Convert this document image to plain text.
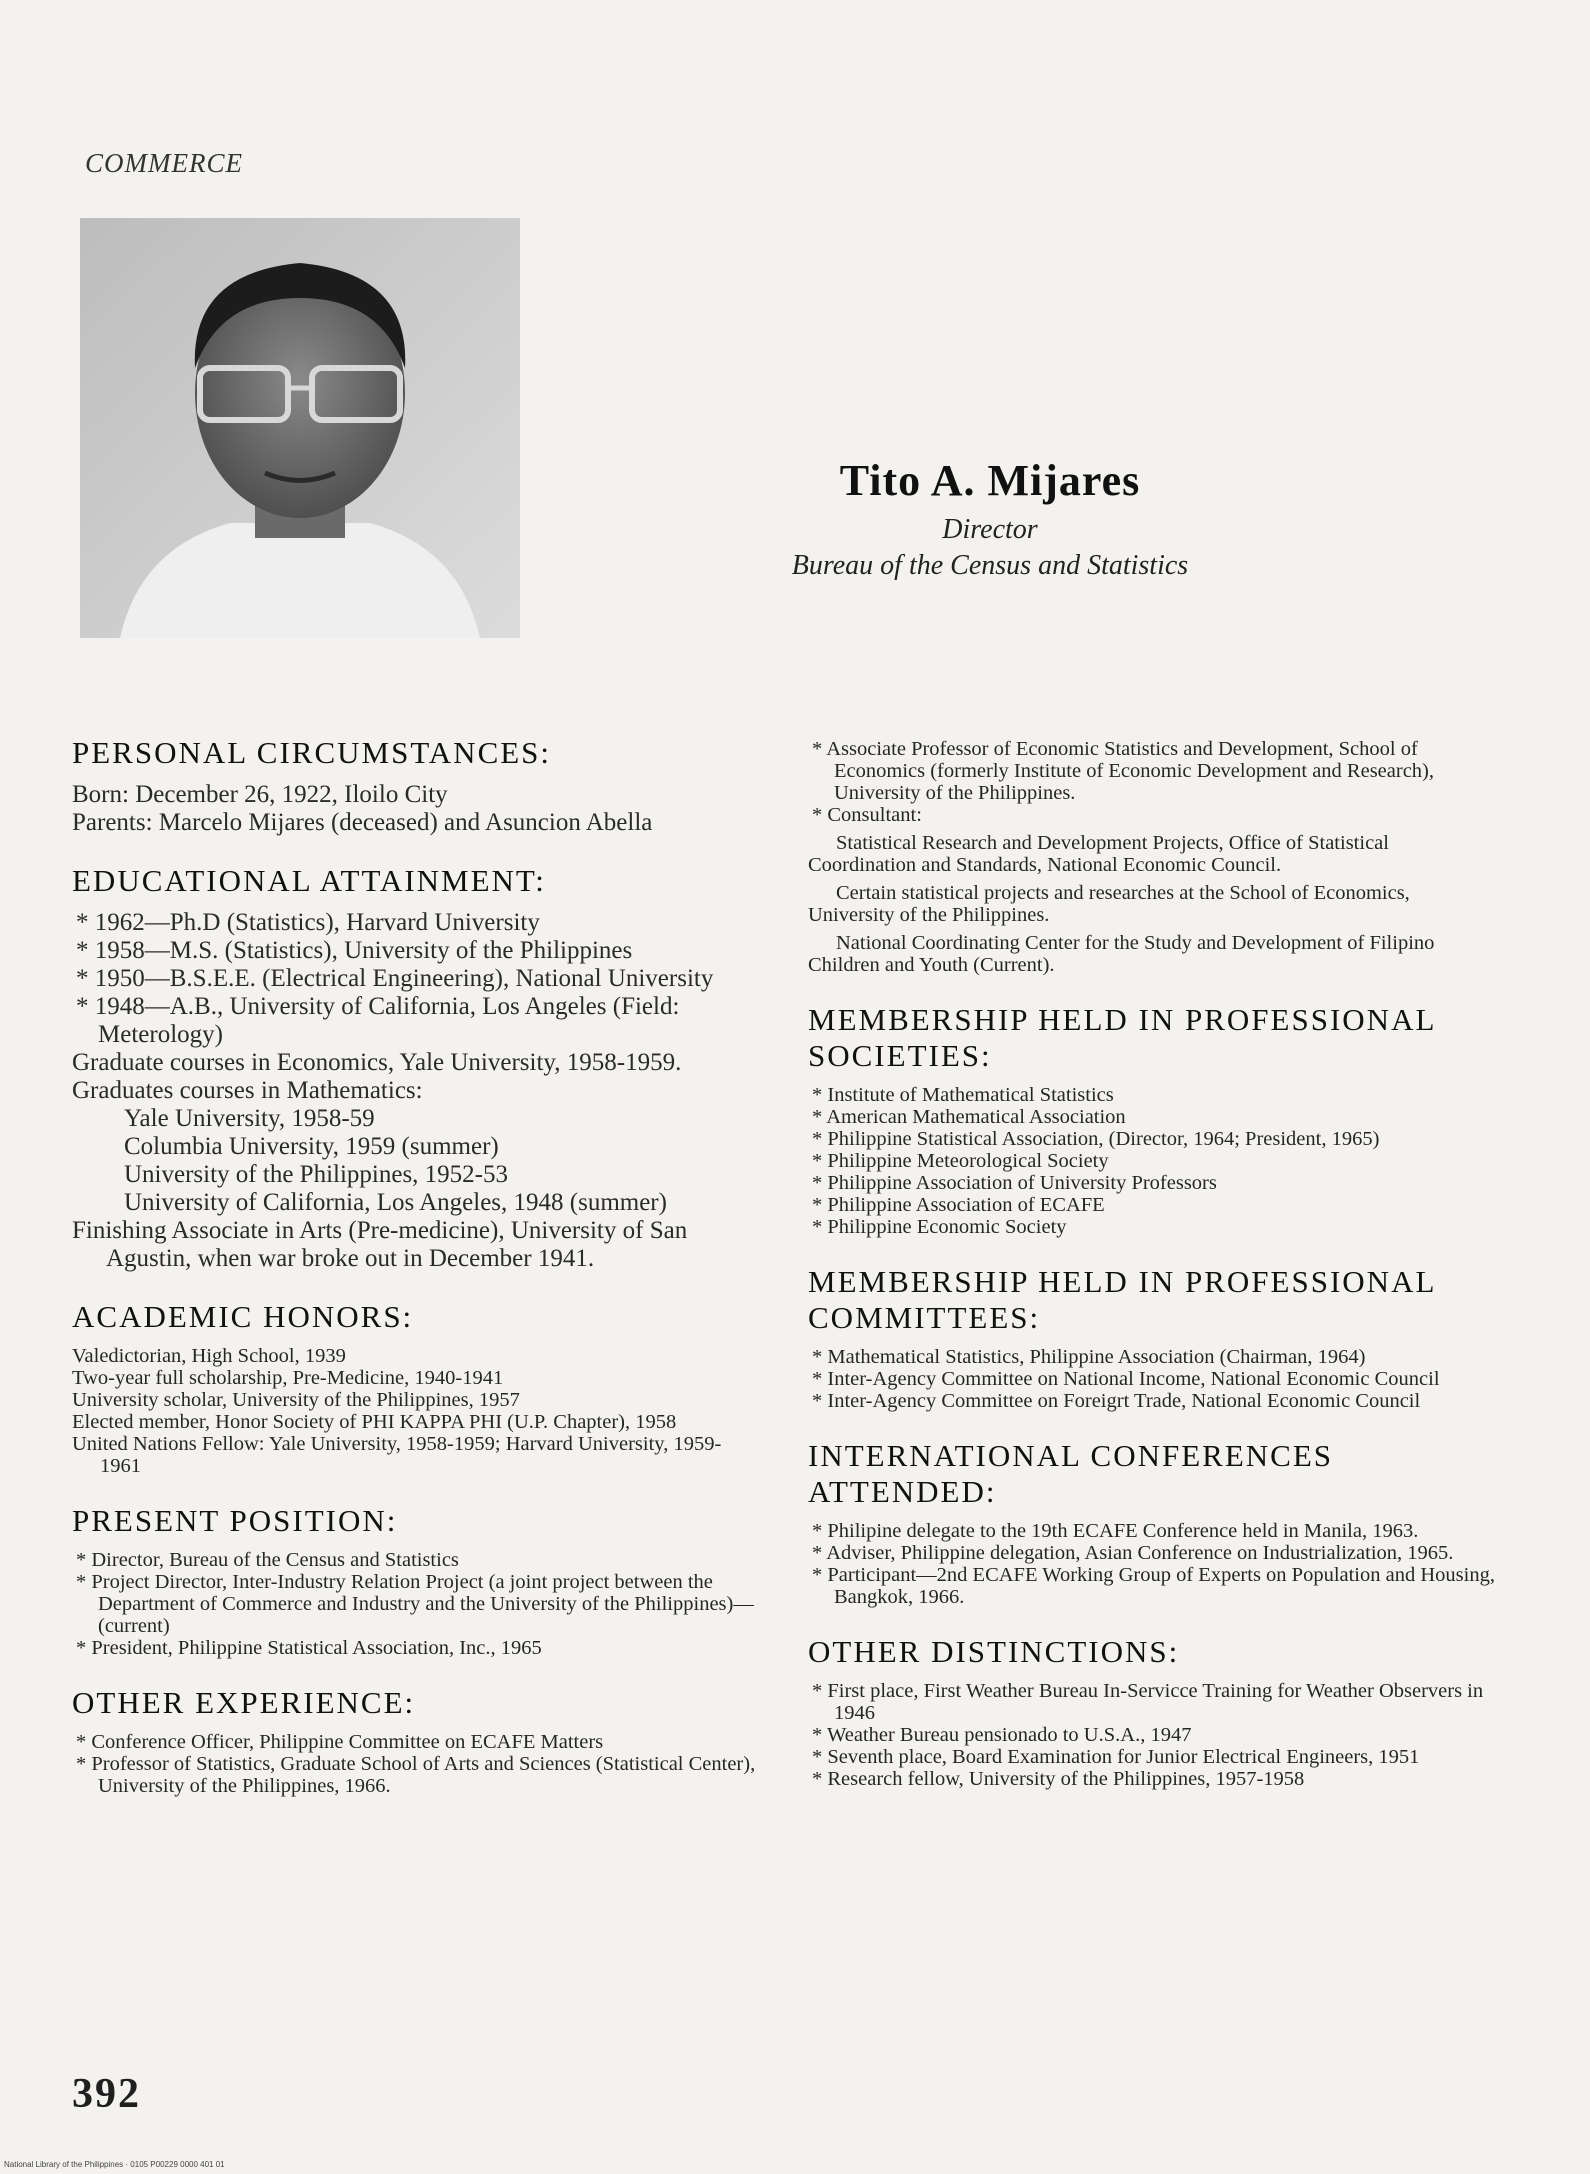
COMMERCE
Tito A. Mijares
Director
Bureau of the Census and Statistics
PERSONAL CIRCUMSTANCES:

Born: December 26, 1922, Iloilo City

Parents: Marcelo Mijares (deceased) and Asuncion Abella

EDUCATIONAL ATTAINMENT:

* 1962—Ph.D (Statistics), Harvard University

* 1958—M.S. (Statistics), University of the Philippines

* 1950—B.S.E.E. (Electrical Engineering), National University

* 1948—A.B., University of California, Los Angeles (Field: Meterology)

Graduate courses in Economics, Yale University, 1958-1959.

Graduates courses in Mathematics:

Yale University, 1958-59

Columbia University, 1959 (summer)

University of the Philippines, 1952-53

University of California, Los Angeles, 1948 (summer)

Finishing Associate in Arts (Pre-medicine), University of San Agustin, when war broke out in December 1941.

ACADEMIC HONORS:

Valedictorian, High School, 1939

Two-year full scholarship, Pre-Medicine, 1940-1941

University scholar, University of the Philippines, 1957

Elected member, Honor Society of PHI KAPPA PHI (U.P. Chapter), 1958

United Nations Fellow: Yale University, 1958-1959; Harvard University, 1959-1961

PRESENT POSITION:

* Director, Bureau of the Census and Statistics

* Project Director, Inter-Industry Relation Project (a joint project between the Department of Commerce and Industry and the University of the Philippines)—(current)

* President, Philippine Statistical Association, Inc., 1965

OTHER EXPERIENCE:

* Conference Officer, Philippine Committee on ECAFE Matters

* Professor of Statistics, Graduate School of Arts and Sciences (Statistical Center), University of the Philippines, 1966.

* Associate Professor of Economic Statistics and Development, School of Economics (formerly Institute of Economic Development and Research), University of the Philippines.

* Consultant:

Statistical Research and Development Projects, Office of Statistical Coordination and Standards, National Economic Council.

Certain statistical projects and researches at the School of Economics, University of the Philippines.

National Coordinating Center for the Study and Development of Filipino Children and Youth (Current).

MEMBERSHIP HELD IN PROFESSIONAL SOCIETIES:

* Institute of Mathematical Statistics

* American Mathematical Association

* Philippine Statistical Association, (Director, 1964; President, 1965)

* Philippine Meteorological Society

* Philippine Association of University Professors

* Philippine Association of ECAFE

* Philippine Economic Society

MEMBERSHIP HELD IN PROFESSIONAL COMMITTEES:

* Mathematical Statistics, Philippine Association (Chairman, 1964)

* Inter-Agency Committee on National Income, National Economic Council

* Inter-Agency Committee on Foreigrt Trade, National Economic Council

INTERNATIONAL CONFERENCES ATTENDED:

* Philipine delegate to the 19th ECAFE Conference held in Manila, 1963.

* Adviser, Philippine delegation, Asian Conference on Industrialization, 1965.

* Participant—2nd ECAFE Working Group of Experts on Population and Housing, Bangkok, 1966.

OTHER DISTINCTIONS:

* First place, First Weather Bureau In-Servicce Training for Weather Observers in 1946

* Weather Bureau pensionado to U.S.A., 1947

* Seventh place, Board Examination for Junior Electrical Engineers, 1951

* Research fellow, University of the Philippines, 1957-1958

392
National Library of the Philippines · 0105 P00229 0000 401 01
